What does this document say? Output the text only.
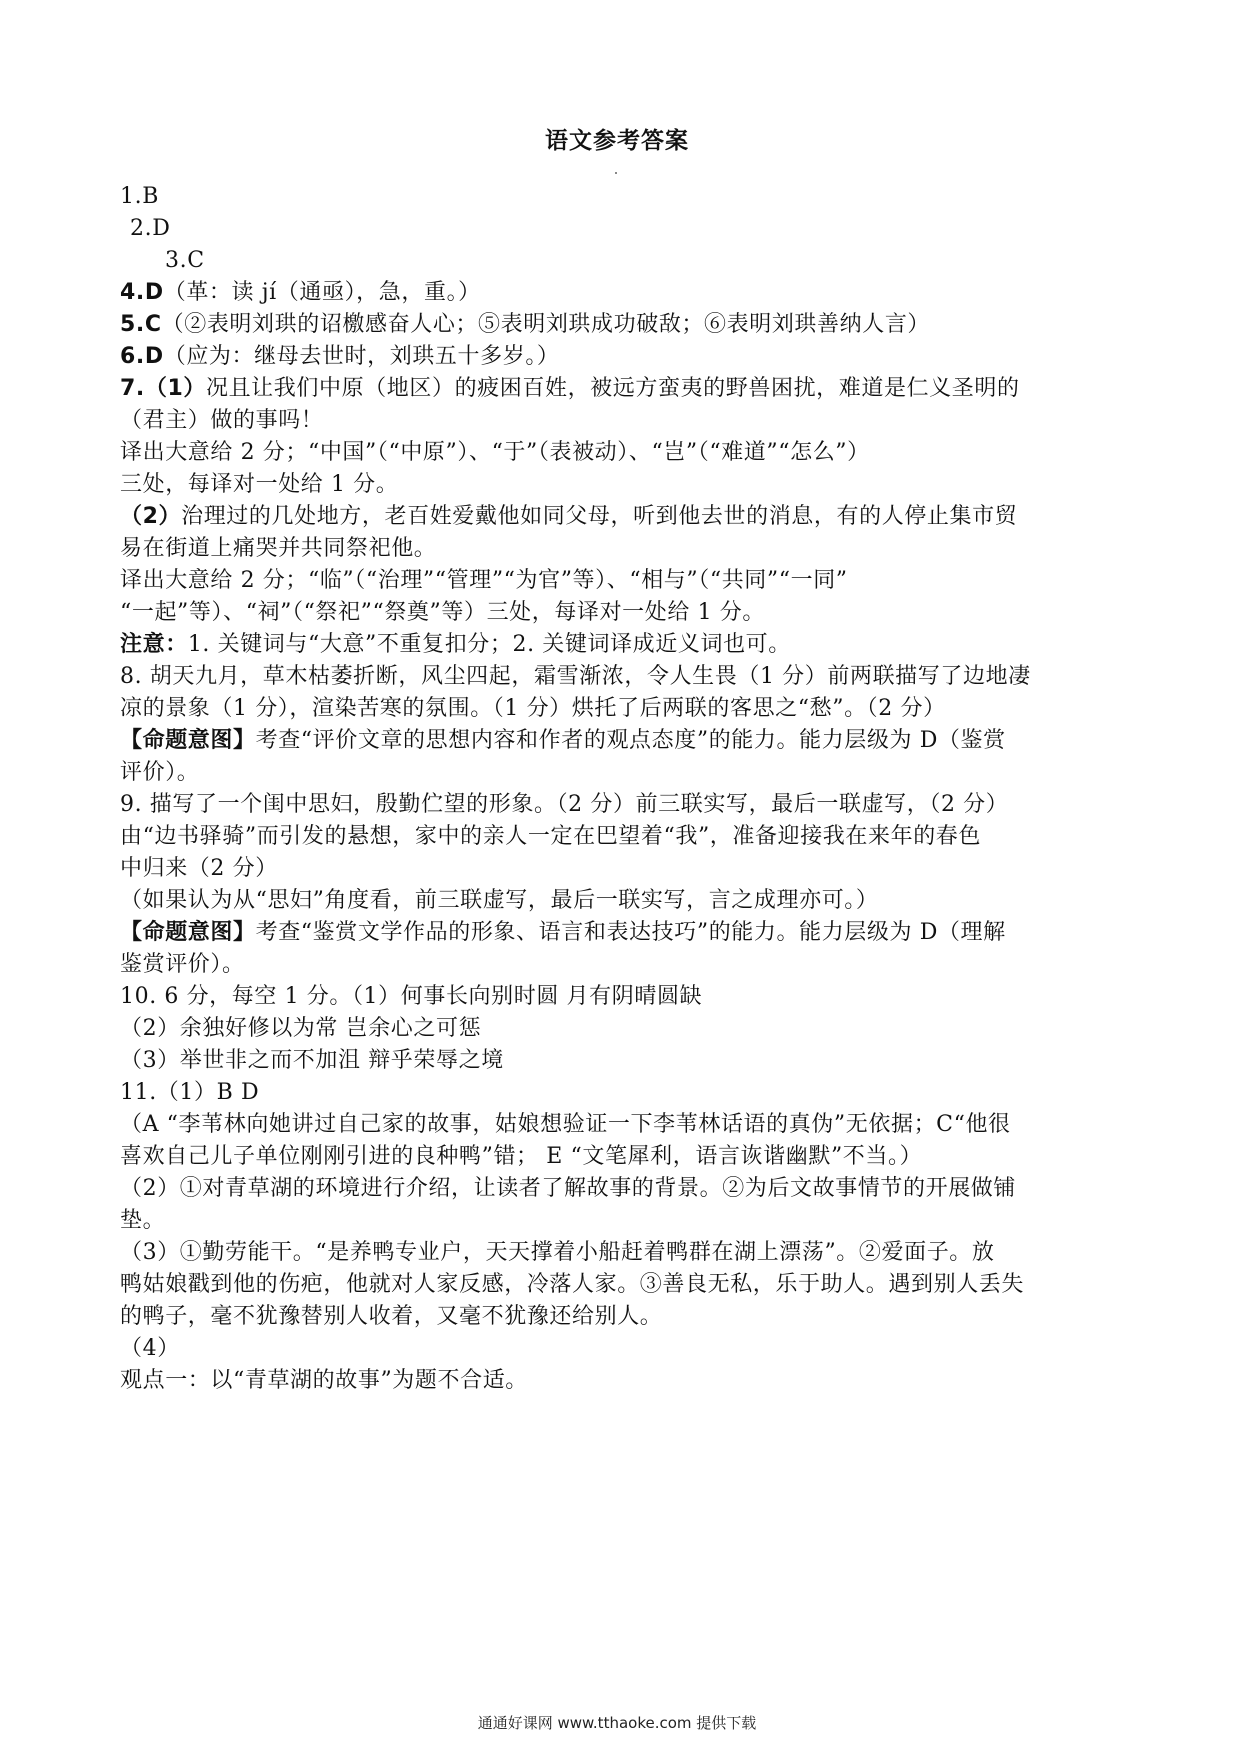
语文参考答案
1.B
2.D
3.C
4.D（革：读 jí（通亟），急，重。）
5.C（②表明刘珙的诏檄感奋人心；⑤表明刘珙成功破敌；⑥表明刘珙善纳人言）
6.D（应为：继母去世时，刘珙五十多岁。）
7.（1）况且让我们中原（地区）的疲困百姓，被远方蛮夷的野兽困扰，难道是仁义圣明的
（君主）做的事吗！
译出大意给 2 分；“中国”（“中原”）、“于”（表被动）、“岂”（“难道”“怎么”）
三处，每译对一处给 1 分。
（2）治理过的几处地方，老百姓爱戴他如同父母，听到他去世的消息，有的人停止集市贸
易在街道上痛哭并共同祭祀他。
译出大意给 2 分；“临”（“治理”“管理”“为官”等）、“相与”（“共同”“一同”
“一起”等）、“祠”（“祭祀”“祭奠”等）三处，每译对一处给 1 分。
注意：1. 关键词与“大意”不重复扣分；2. 关键词译成近义词也可。
8. 胡天九月，草木枯萎折断，风尘四起，霜雪渐浓，令人生畏（1 分）前两联描写了边地凄
凉的景象（1 分），渲染苦寒的氛围。（1 分）烘托了后两联的客思之“愁”。（2 分）
【命题意图】考查“评价文章的思想内容和作者的观点态度”的能力。能力层级为 D（鉴赏
评价）。
9. 描写了一个闺中思妇，殷勤伫望的形象。（2 分）前三联实写，最后一联虚写，（2 分）
由“边书驿骑”而引发的悬想，家中的亲人一定在巴望着“我”，准备迎接我在来年的春色
中归来（2 分）
（如果认为从“思妇”角度看，前三联虚写，最后一联实写，言之成理亦可。）
【命题意图】考查“鉴赏文学作品的形象、语言和表达技巧”的能力。能力层级为 D（理解
鉴赏评价）。
10. 6 分，每空 1 分。（1）何事长向别时圆 月有阴晴圆缺
（2）余独好修以为常 岂余心之可惩
（3）举世非之而不加沮 辩乎荣辱之境
11.（1）B D
（A “李苇林向她讲过自己家的故事，姑娘想验证一下李苇林话语的真伪”无依据；C“他很
喜欢自己儿子单位刚刚引进的良种鸭”错； E “文笔犀利，语言诙谐幽默”不当。）
（2）①对青草湖的环境进行介绍，让读者了解故事的背景。②为后文故事情节的开展做铺
垫。
（3）①勤劳能干。“是养鸭专业户，天天撑着小船赶着鸭群在湖上漂荡”。②爱面子。放
鸭姑娘戳到他的伤疤，他就对人家反感，冷落人家。③善良无私，乐于助人。遇到别人丢失
的鸭子，毫不犹豫替别人收着，又毫不犹豫还给别人。
（4）
观点一：以“青草湖的故事”为题不合适。
通通好课网 www.tthaoke.com 提供下载
